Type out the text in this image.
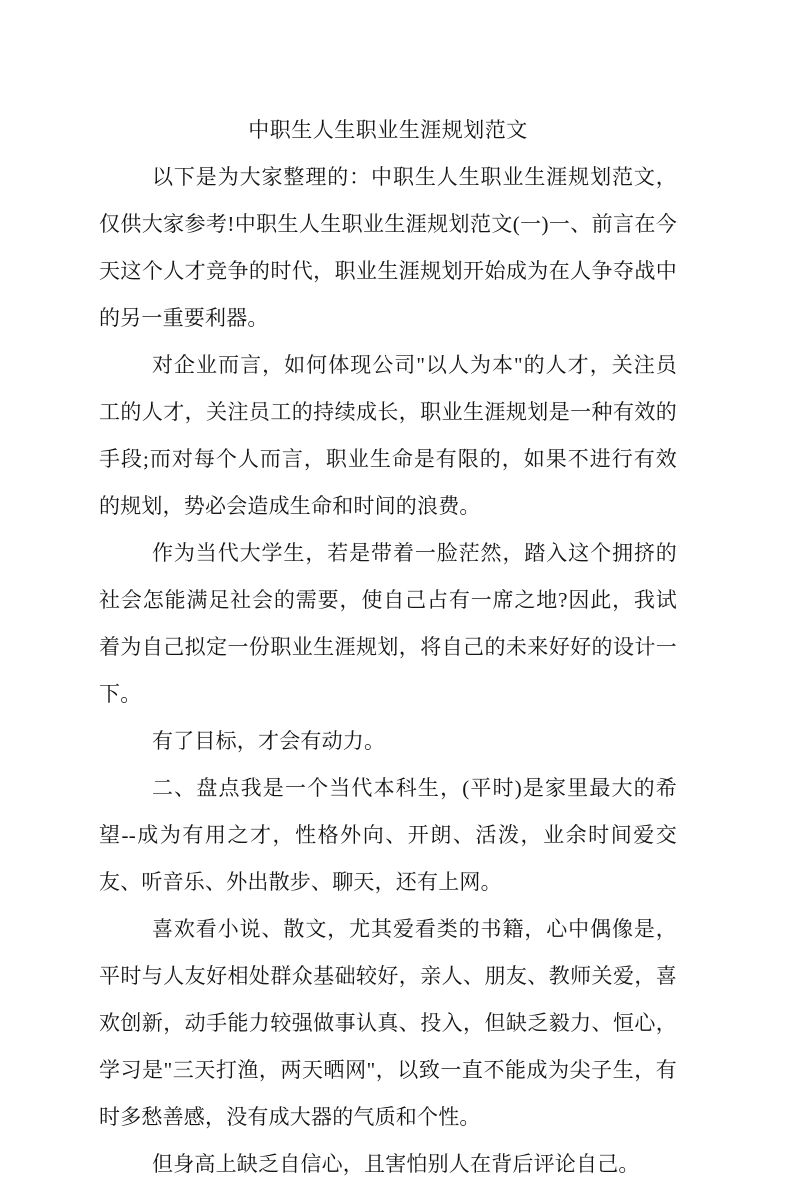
中职生人生职业生涯规划范文

以下是为大家整理的：中职生人生职业生涯规划范文，仅供大家参考!中职生人生职业生涯规划范文(一)一、前言在今天这个人才竞争的时代，职业生涯规划开始成为在人争夺战中的另一重要利器。

对企业而言，如何体现公司"以人为本"的人才，关注员工的人才，关注员工的持续成长，职业生涯规划是一种有效的手段;而对每个人而言，职业生命是有限的，如果不进行有效的规划，势必会造成生命和时间的浪费。

作为当代大学生，若是带着一脸茫然，踏入这个拥挤的社会怎能满足社会的需要，使自己占有一席之地?因此，我试着为自己拟定一份职业生涯规划，将自己的未来好好的设计一下。

有了目标，才会有动力。

二、盘点我是一个当代本科生，(平时)是家里最大的希望--成为有用之才，性格外向、开朗、活泼，业余时间爱交友、听音乐、外出散步、聊天，还有上网。

喜欢看小说、散文，尤其爱看类的书籍，心中偶像是，平时与人友好相处群众基础较好，亲人、朋友、教师关爱，喜欢创新，动手能力较强做事认真、投入，但缺乏毅力、恒心，学习是"三天打渔，两天晒网"，以致一直不能成为尖子生，有时多愁善感，没有成大器的气质和个性。

但身高上缺乏自信心，且害怕别人在背后评论自己。
